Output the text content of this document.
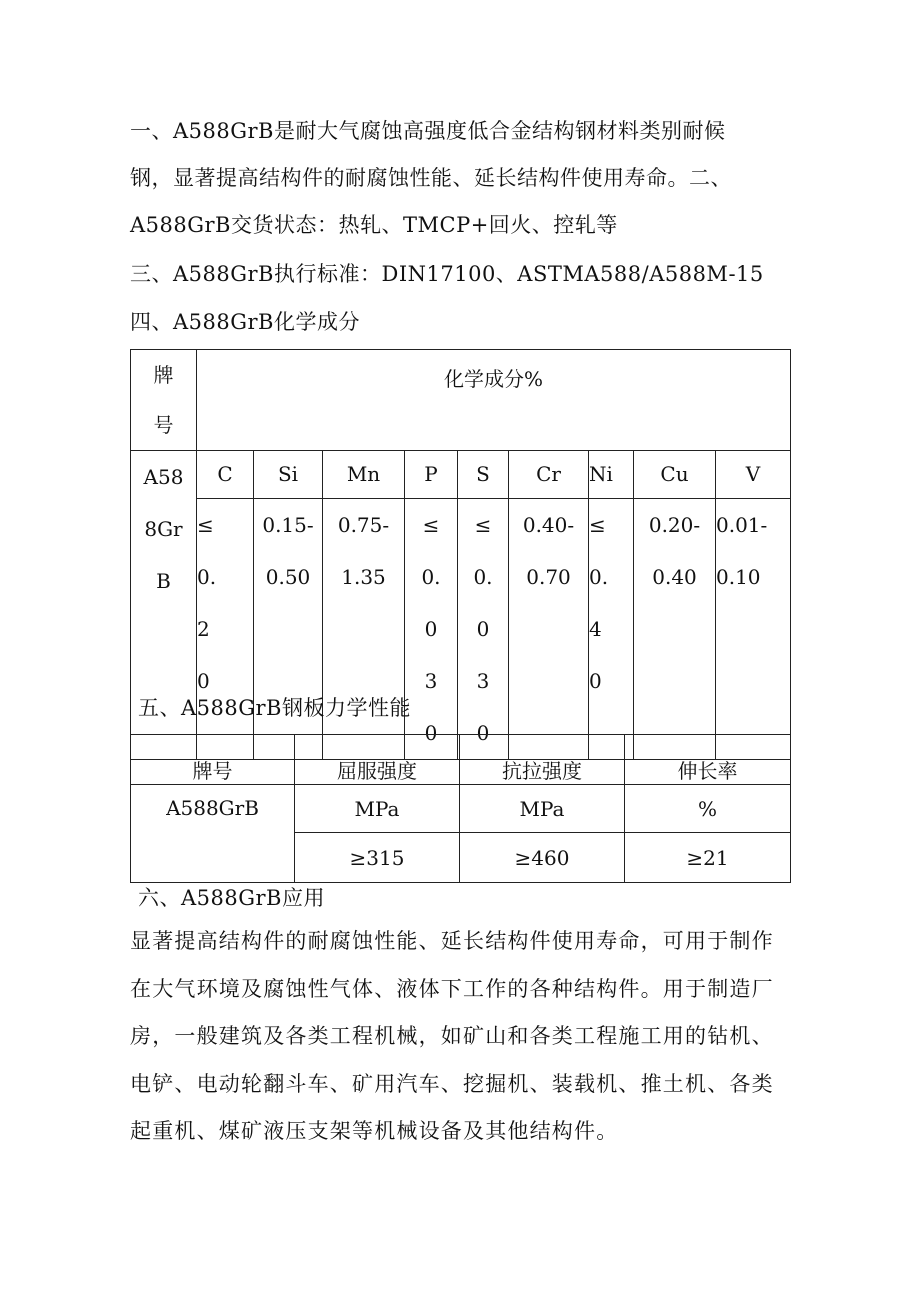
一、A588GrB是耐大气腐蚀高强度低合金结构钢材料类别耐候
钢，显著提高结构件的耐腐蚀性能、延长结构件使用寿命。二、
A588GrB交货状态：热轧、TMCP+回火、控轧等
三、A588GrB执行标准：DIN17100、ASTMA588/A588M-15
四、A588GrB化学成分
牌号	化学成分%								

A588GrB	C	Si	Mn	P	S	Cr	Ni	Cu	V

	≤0.20	0.15-0.50	0.75-1.35	≤0.030	≤0.030	0.40-0.70	≤0.40	0.20-0.40	0.01-0.10
五、A588GrB钢板力学性能
牌号	屈服强度	抗拉强度	伸长率
A588GrB	MPa	MPa	%
	≥315	≥460	≥21
六、A588GrB应用
显著提高结构件的耐腐蚀性能、延长结构件使用寿命，可用于制作在大气环境及腐蚀性气体、液体下工作的各种结构件。用于制造厂房，一般建筑及各类工程机械，如矿山和各类工程施工用的钻机、电铲、电动轮翻斗车、矿用汽车、挖掘机、装载机、推土机、各类起重机、煤矿液压支架等机械设备及其他结构件。
